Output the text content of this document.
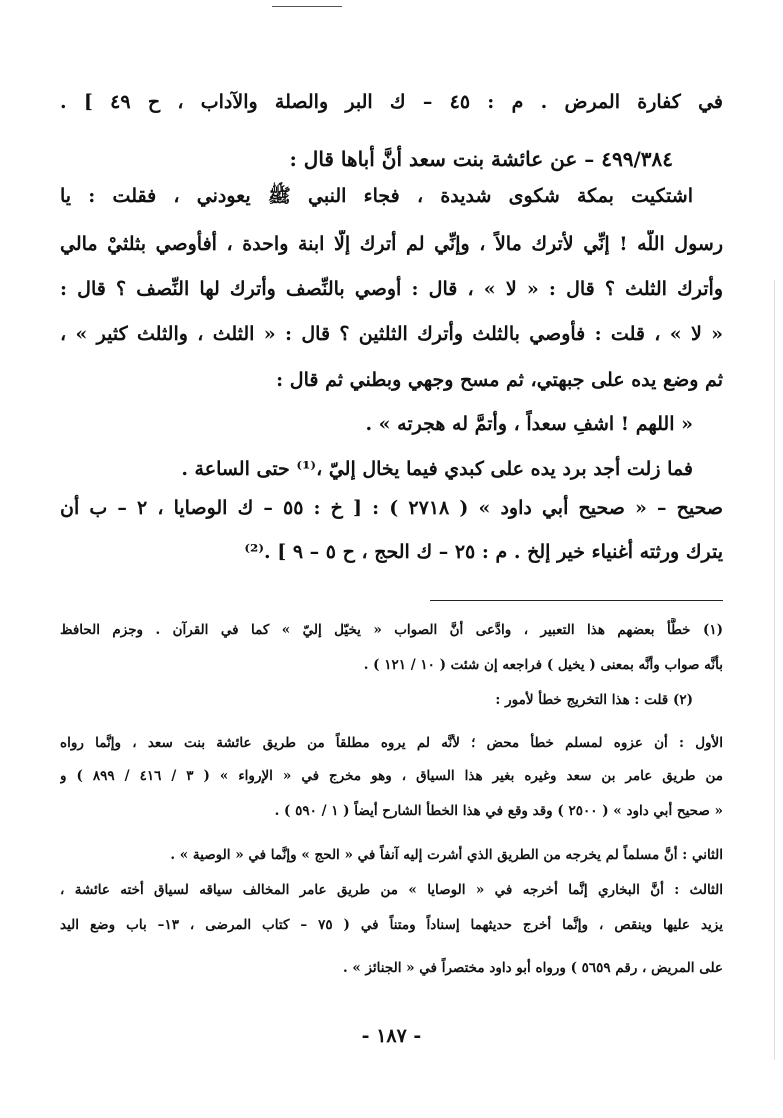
في كفارة المرض . م : ٤٥ – ك البر والصلة والآداب ، ح ٤٩ ] .
٤٩٩/٣٨٤ – عن عائشة بنت سعد أنَّ أباها قال :
اشتكيت بمكة شكوى شديدة ، فجاء النبي ﷺ يعودني ، فقلت : يا
رسول اللّه ! إنِّي لأترك مالاً ، وإنِّي لم أترك إلّا ابنة واحدة ، أفأوصي بثلثيْ مالي
وأترك الثلث ؟ قال : « لا » ، قال : أوصي بالنِّصف وأترك لها النِّصف ؟ قال :
« لا » ، قلت : فأوصي بالثلث وأترك الثلثين ؟ قال : « الثلث ، والثلث كثير » ،
ثم وضع يده على جبهتي، ثم مسح وجهي وبطني ثم قال :
« اللهم ! اشفِ سعداً ، وأتمَّ له هجرته » .
فما زلت أجد برد يده على كبدي فيما يخال إليّ ،⁽¹⁾ حتى الساعة .
صحيح – « صحيح أبي داود » ( ٢٧١٨ ) : [ خ : ٥٥ – ك الوصايا ، ٢ – ب أن
يترك ورثته أغنياء خير إلخ . م : ٢٥ – ك الحج ، ح ٥ – ٩ ] .⁽²⁾
(١) خطَّأ بعضهم هذا التعبير ، وادَّعى أنَّ الصواب « يخيّل إليّ » كما في القرآن . وجزم الحافظ
بأنَّه صواب وأنَّه بمعنى ( يخيل ) فراجعه إن شئت ( ١٠ / ١٢١ ) .
(٢) قلت : هذا التخريج خطأ لأمور :
الأول : أن عزوه لمسلم خطأ محض ؛ لأنَّه لم يروه مطلقاً من طريق عائشة بنت سعد ، وإنَّما رواه
من طريق عامر بن سعد وغيره بغير هذا السياق ، وهو مخرج في « الإرواء » ( ٣ / ٤١٦ / ٨٩٩ ) و
« صحيح أبي داود » ( ٢٥٠٠ ) وقد وقع في هذا الخطأ الشارح أيضاً ( ١ / ٥٩٠ ) .
الثاني : أنَّ مسلماً لم يخرجه من الطريق الذي أشرت إليه آنفاً في « الحج » وإنَّما في « الوصية » .
الثالث : أنَّ البخاري إنَّما أخرجه في « الوصايا » من طريق عامر المخالف سياقه لسياق أخته عائشة ،
يزيد عليها وينقص ، وإنَّما أخرج حديثهما إسناداً ومتناً في ( ٧٥ – كتاب المرضى ، ١٣– باب وضع اليد
على المريض ، رقم ٥٦٥٩ ) ورواه أبو داود مختصراً في « الجنائز » .
- ١٨٧ -
